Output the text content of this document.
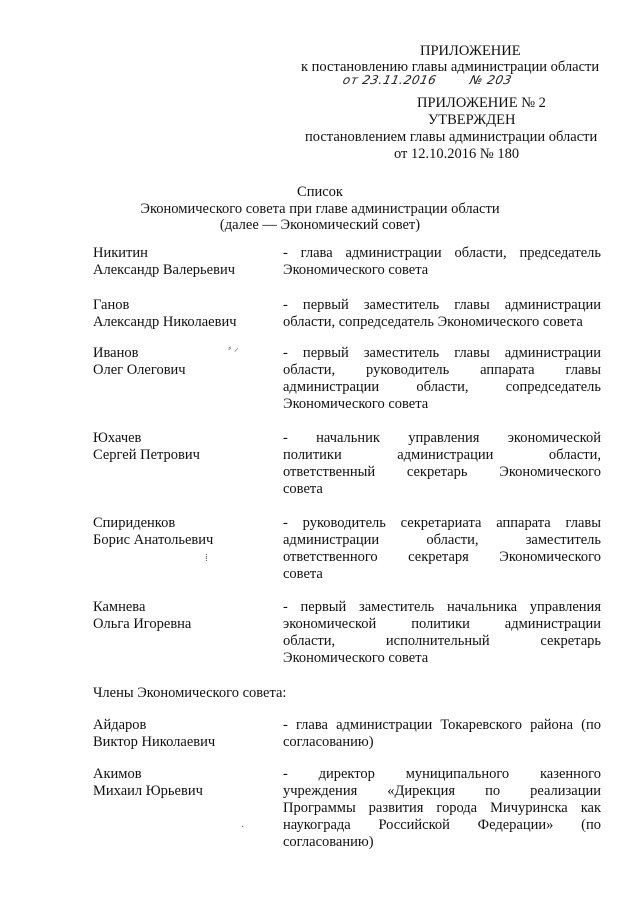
ПРИЛОЖЕНИЕ
к постановлению главы администрации области
от 23.11.2016	№ 203
ПРИЛОЖЕНИЕ № 2
УТВЕРЖДЕН
постановлением главы администрации области
от 12.10.2016 № 180
Список
Экономического совета при главе администрации области
(далее — Экономический совет)
Никитин
Александр Валерьевич
- глава администрации области, председатель
Экономического совета
Ганов
Александр Николаевич
- первый заместитель главы администрации
области, сопредседатель Экономического совета
Иванов
Олег Олегович
- первый заместитель главы администрации
области, руководитель аппарата главы
администрации области, сопредседатель
Экономического совета
Юхачев
Сергей Петрович
- начальник управления экономической
политики администрации области,
ответственный секретарь Экономического
совета
Спириденков
Борис Анатольевич
- руководитель секретариата аппарата главы
администрации области, заместитель
ответственного секретаря Экономического
совета
Камнева
Ольга Игоревна
- первый заместитель начальника управления
экономической политики администрации
области, исполнительный секретарь
Экономического совета
Члены Экономического совета:
Айдаров
Виктор Николаевич
- глава администрации Токаревского района (по
согласованию)
Акимов
Михаил Юрьевич
- директор муниципального казенного
учреждения «Дирекция по реализации
Программы развития города Мичуринска как
наукограда Российской Федерации» (по
согласованию)
⸗ ⸝
⁞
·
